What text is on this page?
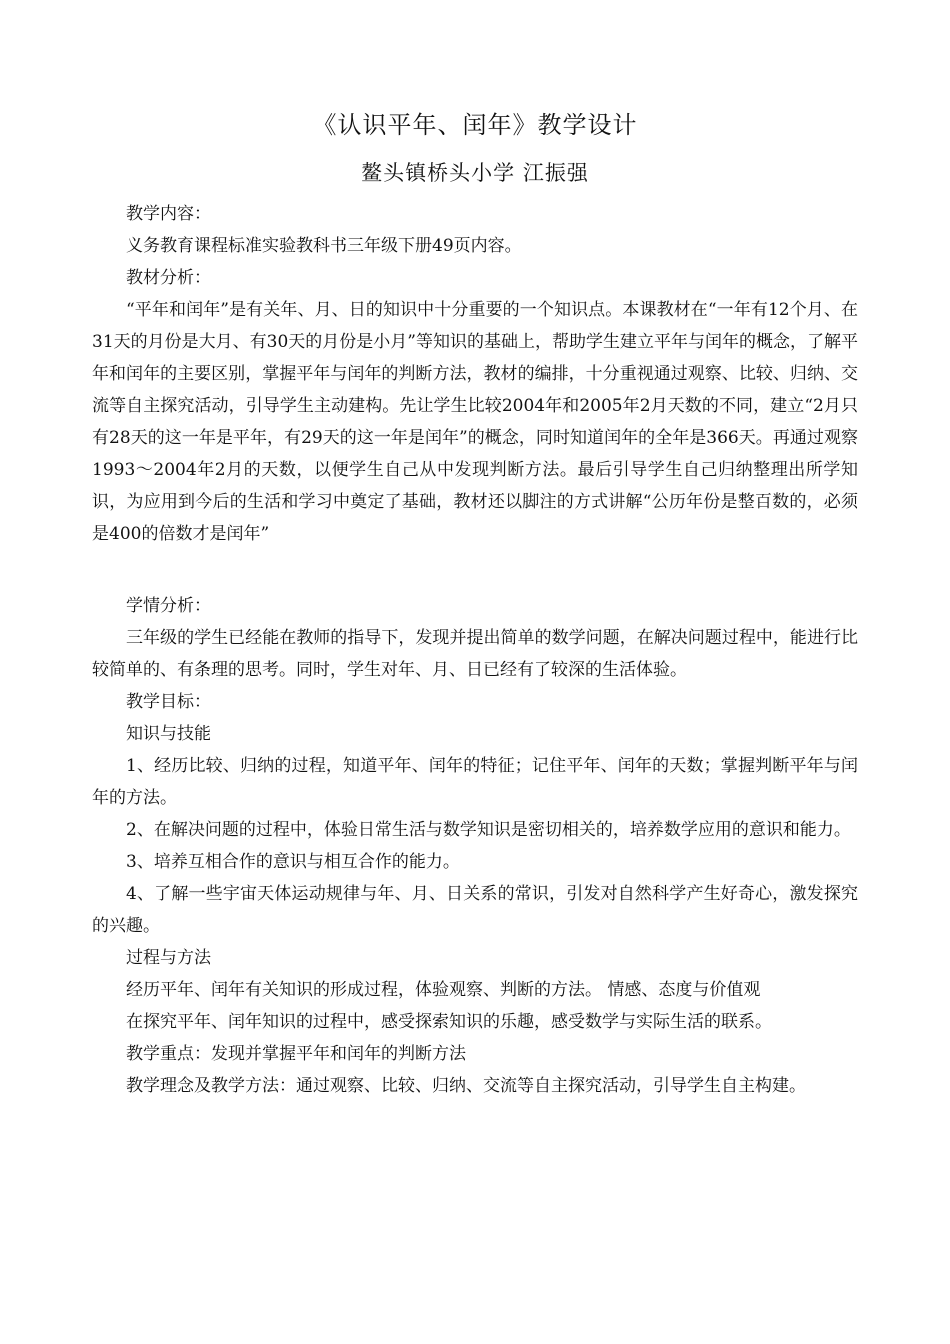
《认识平年、闰年》教学设计
鳌头镇桥头小学 江振强

教学内容：

义务教育课程标准实验教科书三年级下册49页内容。

教材分析：

“平年和闰年”是有关年、月、日的知识中十分重要的一个知识点。本课教材在“一年有12个月、在31天的月份是大月、有30天的月份是小月”等知识的基础上，帮助学生建立平年与闰年的概念，了解平年和闰年的主要区别，掌握平年与闰年的判断方法，教材的编排，十分重视通过观察、比较、归纳、交流等自主探究活动，引导学生主动建构。先让学生比较2004年和2005年2月天数的不同，建立“2月只有28天的这一年是平年，有29天的这一年是闰年”的概念，同时知道闰年的全年是366天。再通过观察1993～2004年2月的天数，以便学生自己从中发现判断方法。最后引导学生自己归纳整理出所学知识，为应用到今后的生活和学习中奠定了基础，教材还以脚注的方式讲解“公历年份是整百数的，必须是400的倍数才是闰年”

学情分析：

三年级的学生已经能在教师的指导下，发现并提出简单的数学问题，在解决问题过程中，能进行比较简单的、有条理的思考。同时，学生对年、月、日已经有了较深的生活体验。

教学目标：

知识与技能

1、经历比较、归纳的过程，知道平年、闰年的特征；记住平年、闰年的天数；掌握判断平年与闰年的方法。

2、在解决问题的过程中，体验日常生活与数学知识是密切相关的，培养数学应用的意识和能力。

3、培养互相合作的意识与相互合作的能力。

4、了解一些宇宙天体运动规律与年、月、日关系的常识，引发对自然科学产生好奇心，激发探究的兴趣。

过程与方法

经历平年、闰年有关知识的形成过程，体验观察、判断的方法。 情感、态度与价值观

在探究平年、闰年知识的过程中，感受探索知识的乐趣，感受数学与实际生活的联系。

教学重点：发现并掌握平年和闰年的判断方法

教学理念及教学方法：通过观察、比较、归纳、交流等自主探究活动，引导学生自主构建。
